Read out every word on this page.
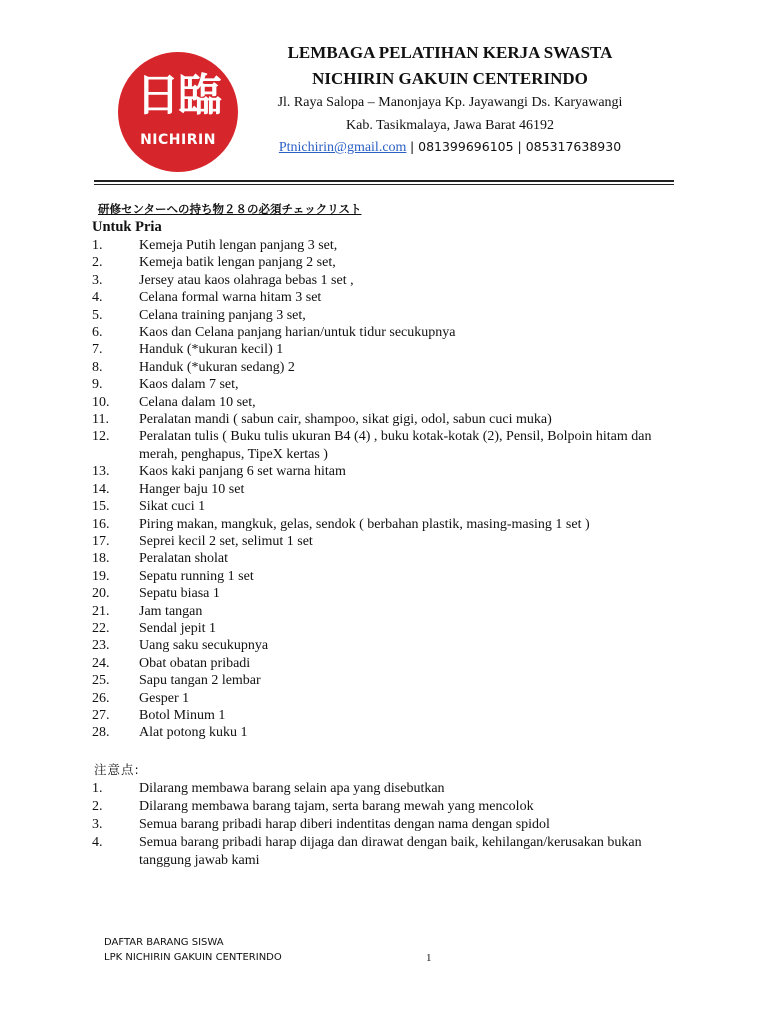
日臨
NICHIRIN
LEMBAGA PELATIHAN KERJA SWASTA
NICHIRIN GAKUIN CENTERINDO
Jl. Raya Salopa – Manonjaya Kp. Jayawangi Ds. Karyawangi
Kab. Tasikmalaya, Jawa Barat 46192
Ptnichirin@gmail.com | 081399696105 | 085317638930
研修センターへの持ち物２８の必須チェックリスト
Untuk Pria
1.	Kemeja Putih lengan panjang 3 set,
2.	Kemeja batik lengan panjang 2 set,
3.	Jersey atau kaos olahraga bebas 1 set ,
4.	Celana formal warna hitam 3 set
5.	Celana training panjang 3 set,
6.	Kaos dan Celana panjang harian/untuk tidur secukupnya
7.	Handuk (*ukuran kecil) 1
8.	Handuk (*ukuran sedang) 2
9.	Kaos dalam 7 set,
10.	Celana dalam 10 set,
11.	Peralatan mandi ( sabun cair, shampoo, sikat gigi, odol, sabun cuci muka)
12.	Peralatan tulis ( Buku tulis ukuran B4 (4) , buku kotak-kotak (2), Pensil, Bolpoin hitam dan merah, penghapus, TipeX kertas )
13.	Kaos kaki panjang 6 set warna hitam
14.	Hanger baju 10 set
15.	Sikat cuci 1
16.	Piring makan, mangkuk, gelas, sendok ( berbahan plastik, masing-masing 1 set )
17.	Seprei kecil 2 set, selimut 1 set
18.	Peralatan sholat
19.	Sepatu running 1 set
20.	Sepatu biasa 1
21.	Jam tangan
22.	Sendal jepit 1
23.	Uang saku secukupnya
24.	Obat obatan pribadi
25.	Sapu tangan 2 lembar
26.	Gesper 1
27.	Botol Minum 1
28.	Alat potong kuku 1
注意点:
1.	Dilarang membawa barang selain apa yang disebutkan
2.	Dilarang membawa barang tajam, serta barang mewah yang mencolok
3.	Semua barang pribadi harap diberi indentitas dengan nama dengan spidol
4.	Semua barang pribadi harap dijaga dan dirawat dengan baik, kehilangan/kerusakan bukan tanggung jawab kami
DAFTAR BARANG SISWA
LPK NICHIRIN GAKUIN CENTERINDO	1
